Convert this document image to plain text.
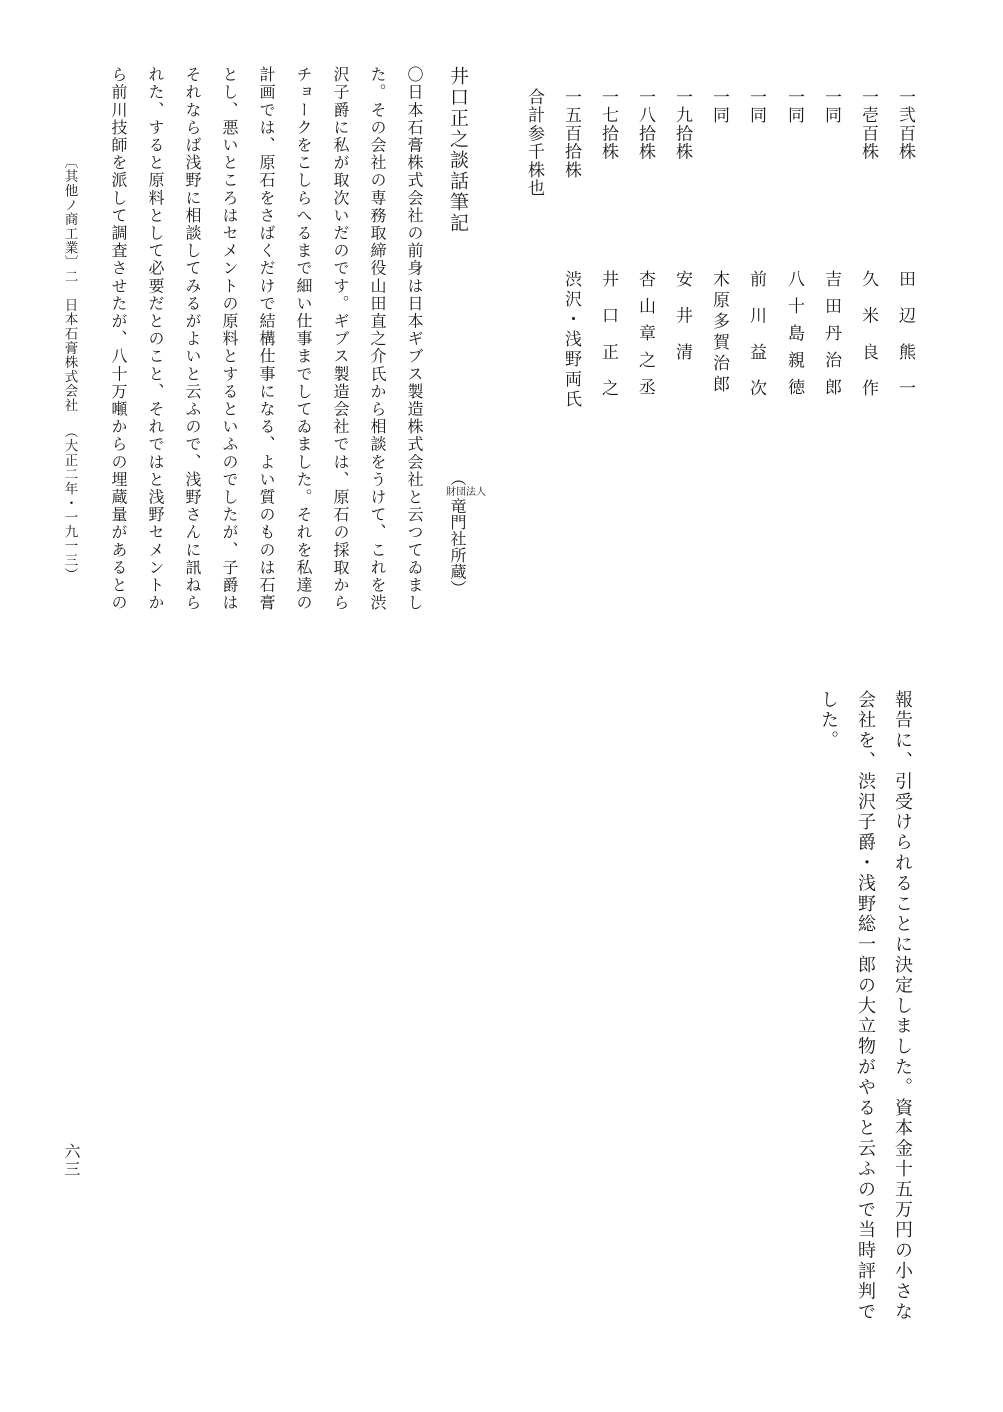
一弐百株
田　辺　熊　一
一壱百株
久　米　良　作
一同
吉田丹治郎
一同
八十島親徳
一同
前　川　益　次
一同
木原多賀治郎
一九拾株
安　井　清
一八拾株
杏山章之丞
一七拾株
井　口　正　之
一五百拾株
渋沢・浅野両氏
合計参千株也
井口正之談話筆記
（財団法人竜門社所蔵）
〇日本石膏株式会社の前身は日本ギブス製造株式会社と云つてゐまし
た。その会社の専務取締役山田直之介氏から相談をうけて、これを渋
沢子爵に私が取次いだのです。ギブス製造会社では、原石の採取から
チョークをこしらへるまで細い仕事までしてゐました。それを私達の
計画では、原石をさばくだけで結構仕事になる、よい質のものは石膏
とし、悪いところはセメントの原料とするといふのでしたが、子爵は
それならば浅野に相談してみるがよいと云ふので、浅野さんに訊ねら
れた、すると原料として必要だとのこと、それではと浅野セメントか
ら前川技師を派して調査させたが、八十万噸からの埋蔵量があるとの
〔其他ノ商工業〕二　日本石膏株式会社（大正二年・一九一三）
六三	報告に、引受けられることに決定しました。資本金十五万円の小さな
会社を、渋沢子爵・浅野総一郎の大立物がやると云ふので当時評判で
した。
